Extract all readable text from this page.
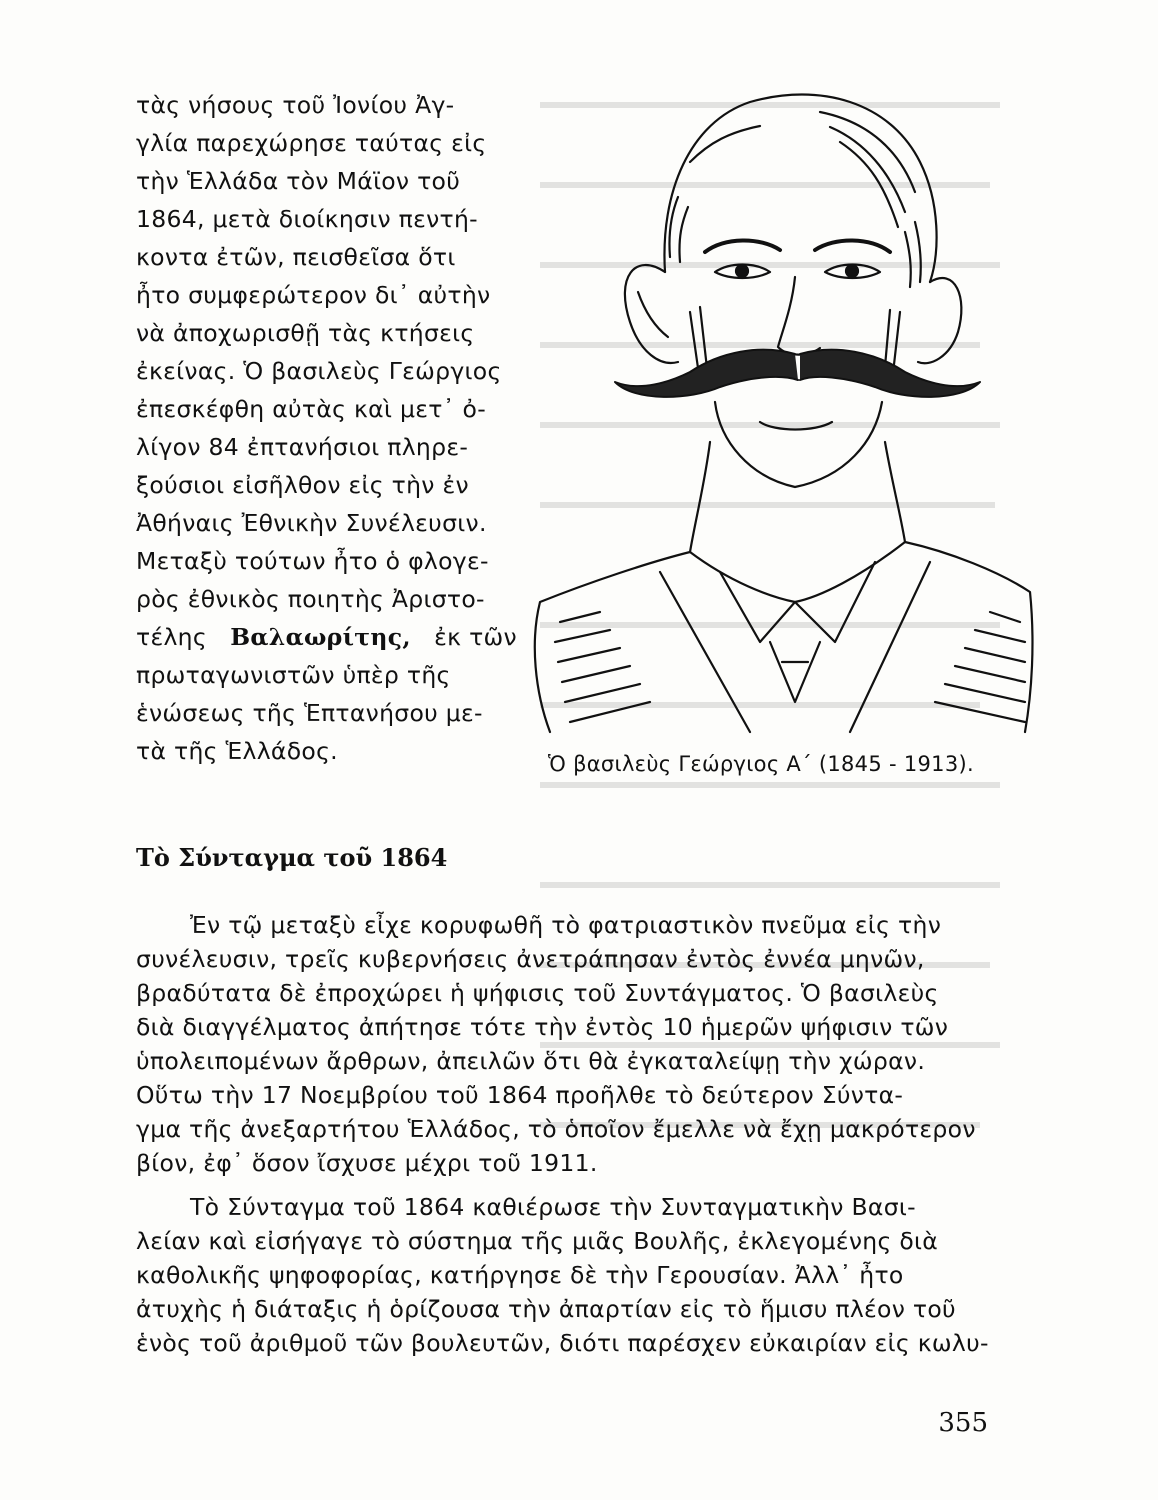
τὰς νήσους τοῦ Ἰονίου Ἀγ-
γλία παρεχώρησε ταύτας εἰς
τὴν Ἑλλάδα τὸν Μάϊον τοῦ
1864, μετὰ διοίκησιν πεντή-
κοντα ἐτῶν, πεισθεῖσα ὅτι
ἦτο συμφερώτερον δι᾽ αὐτὴν
νὰ ἀποχωρισθῇ τὰς κτήσεις
ἐκείνας. Ὁ βασιλεὺς Γεώργιος
ἐπεσκέφθη αὐτὰς καὶ μετ᾽ ὀ-
λίγον 84 ἐπτανήσιοι πληρε-
ξούσιοι εἰσῆλθον εἰς τὴν ἐν
Ἀθήναις Ἐθνικὴν Συνέλευσιν.
Μεταξὺ τούτων ἦτο ὁ φλογε-
ρὸς ἐθνικὸς ποιητὴς Ἀριστο-
τέλης Βαλαωρίτης, ἐκ τῶν
πρωταγωνιστῶν ὑπὲρ τῆς
ἑνώσεως τῆς Ἑπτανήσου με-
τὰ τῆς Ἑλλάδος.	Ὁ βασιλεὺς Γεώργιος Α΄ (1845 - 1913).
Τὸ Σύνταγμα τοῦ 1864
Ἐν τῷ μεταξὺ εἶχε κορυφωθῆ τὸ φατριαστικὸν πνεῦμα εἰς τὴν
συνέλευσιν, τρεῖς κυβερνήσεις ἀνετράπησαν ἐντὸς ἐννέα μηνῶν,
βραδύτατα δὲ ἐπροχώρει ἡ ψήφισις τοῦ Συντάγματος. Ὁ βασιλεὺς
διὰ διαγγέλματος ἀπήτησε τότε τὴν ἐντὸς 10 ἡμερῶν ψήφισιν τῶν
ὑπολειπομένων ἄρθρων, ἀπειλῶν ὅτι θὰ ἐγκαταλείψῃ τὴν χώραν.
Οὕτω τὴν 17 Νοεμβρίου τοῦ 1864 προῆλθε τὸ δεύτερον Σύντα-
γμα τῆς ἀνεξαρτήτου Ἑλλάδος, τὸ ὁποῖον ἔμελλε νὰ ἔχῃ μακρότερον
βίον, ἐφ᾽ ὅσον ἴσχυσε μέχρι τοῦ 1911.
Τὸ Σύνταγμα τοῦ 1864 καθιέρωσε τὴν Συνταγματικὴν Βασι-
λείαν καὶ εἰσήγαγε τὸ σύστημα τῆς μιᾶς Βουλῆς, ἐκλεγομένης διὰ
καθολικῆς ψηφοφορίας, κατήργησε δὲ τὴν Γερουσίαν. Ἀλλ᾽ ἦτο
ἀτυχὴς ἡ διάταξις ἡ ὁρίζουσα τὴν ἀπαρτίαν εἰς τὸ ἥμισυ πλέον τοῦ
ἑνὸς τοῦ ἀριθμοῦ τῶν βουλευτῶν, διότι παρέσχεν εὐκαιρίαν εἰς κωλυ-
355
